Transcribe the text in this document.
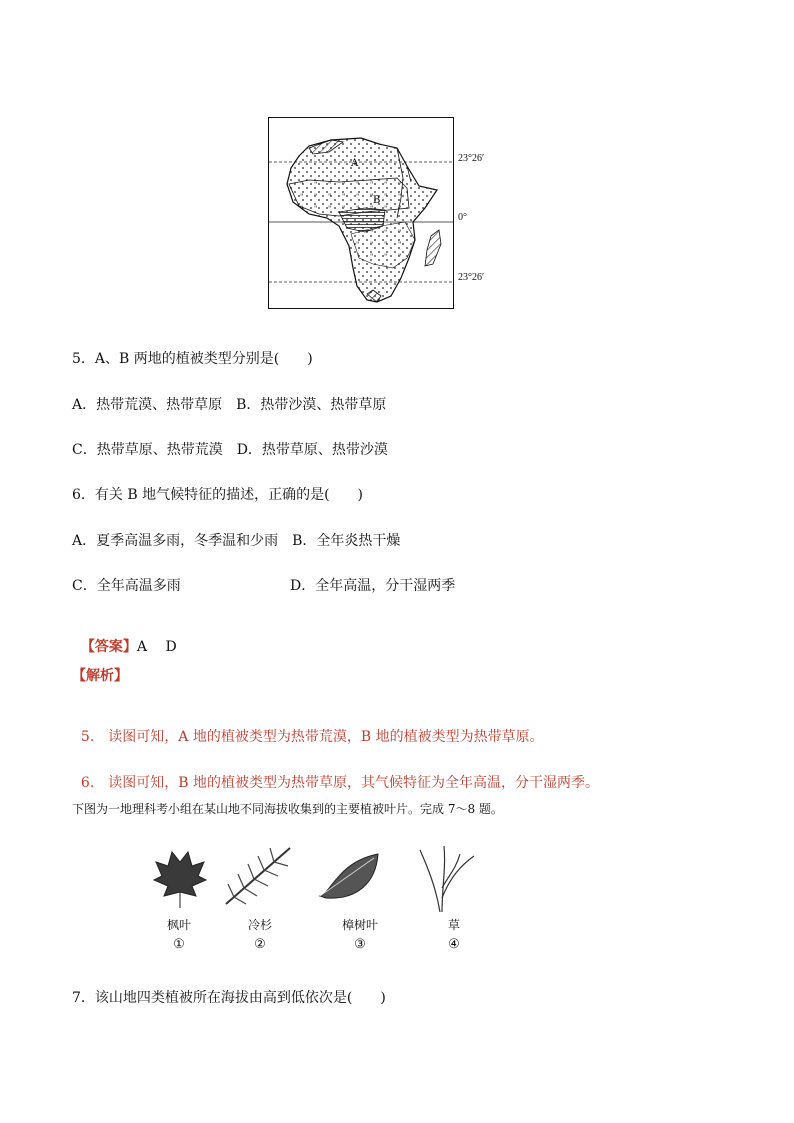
A
B
23°26′
0°
23°26′
5．A、B 两地的植被类型分别是(　　)
A．热带荒漠、热带草原　B．热带沙漠、热带草原
C．热带草原、热带荒漠　D．热带草原、热带沙漠
6．有关 B 地气候特征的描述，正确的是(　　)
A．夏季高温多雨，冬季温和少雨　B．全年炎热干燥
C．全年高温多雨	D．全年高温，分干湿两季

【答案】A　 D

【解析】

5. 读图可知，A 地的植被类型为热带荒漠，B 地的植被类型为热带草原。

6. 读图可知，B 地的植被类型为热带草原，其气候特征为全年高温，分干湿两季。

下图为一地理科考小组在某山地不同海拔收集到的主要植被叶片。完成 7～8 题。
枫叶	冷杉	樟树叶	草
①	②	③	④
7．该山地四类植被所在海拔由高到低依次是(　　)
